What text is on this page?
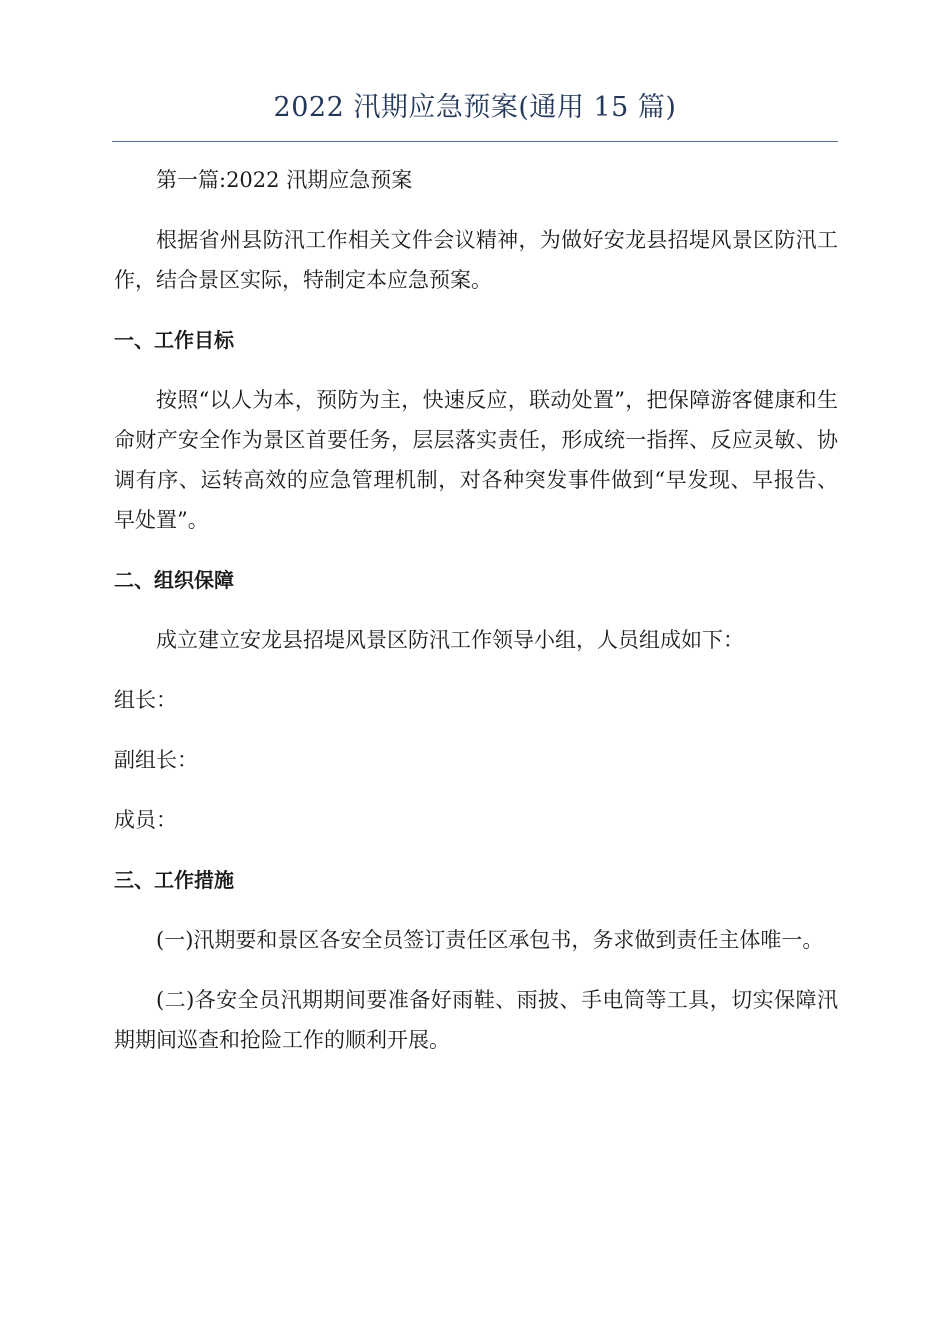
2022 汛期应急预案(通用 15 篇)

第一篇:2022 汛期应急预案

根据省州县防汛工作相关文件会议精神，为做好安龙县招堤风景区防汛工作，结合景区实际，特制定本应急预案。

一、工作目标

按照“以人为本，预防为主，快速反应，联动处置”，把保障游客健康和生命财产安全作为景区首要任务，层层落实责任，形成统一指挥、反应灵敏、协调有序、运转高效的应急管理机制，对各种突发事件做到“早发现、早报告、早处置”。

二、组织保障

成立建立安龙县招堤风景区防汛工作领导小组，人员组成如下：

组长：

副组长：

成员：

三、工作措施

(一)汛期要和景区各安全员签订责任区承包书，务求做到责任主体唯一。

(二)各安全员汛期期间要准备好雨鞋、雨披、手电筒等工具，切实保障汛期期间巡查和抢险工作的顺利开展。
